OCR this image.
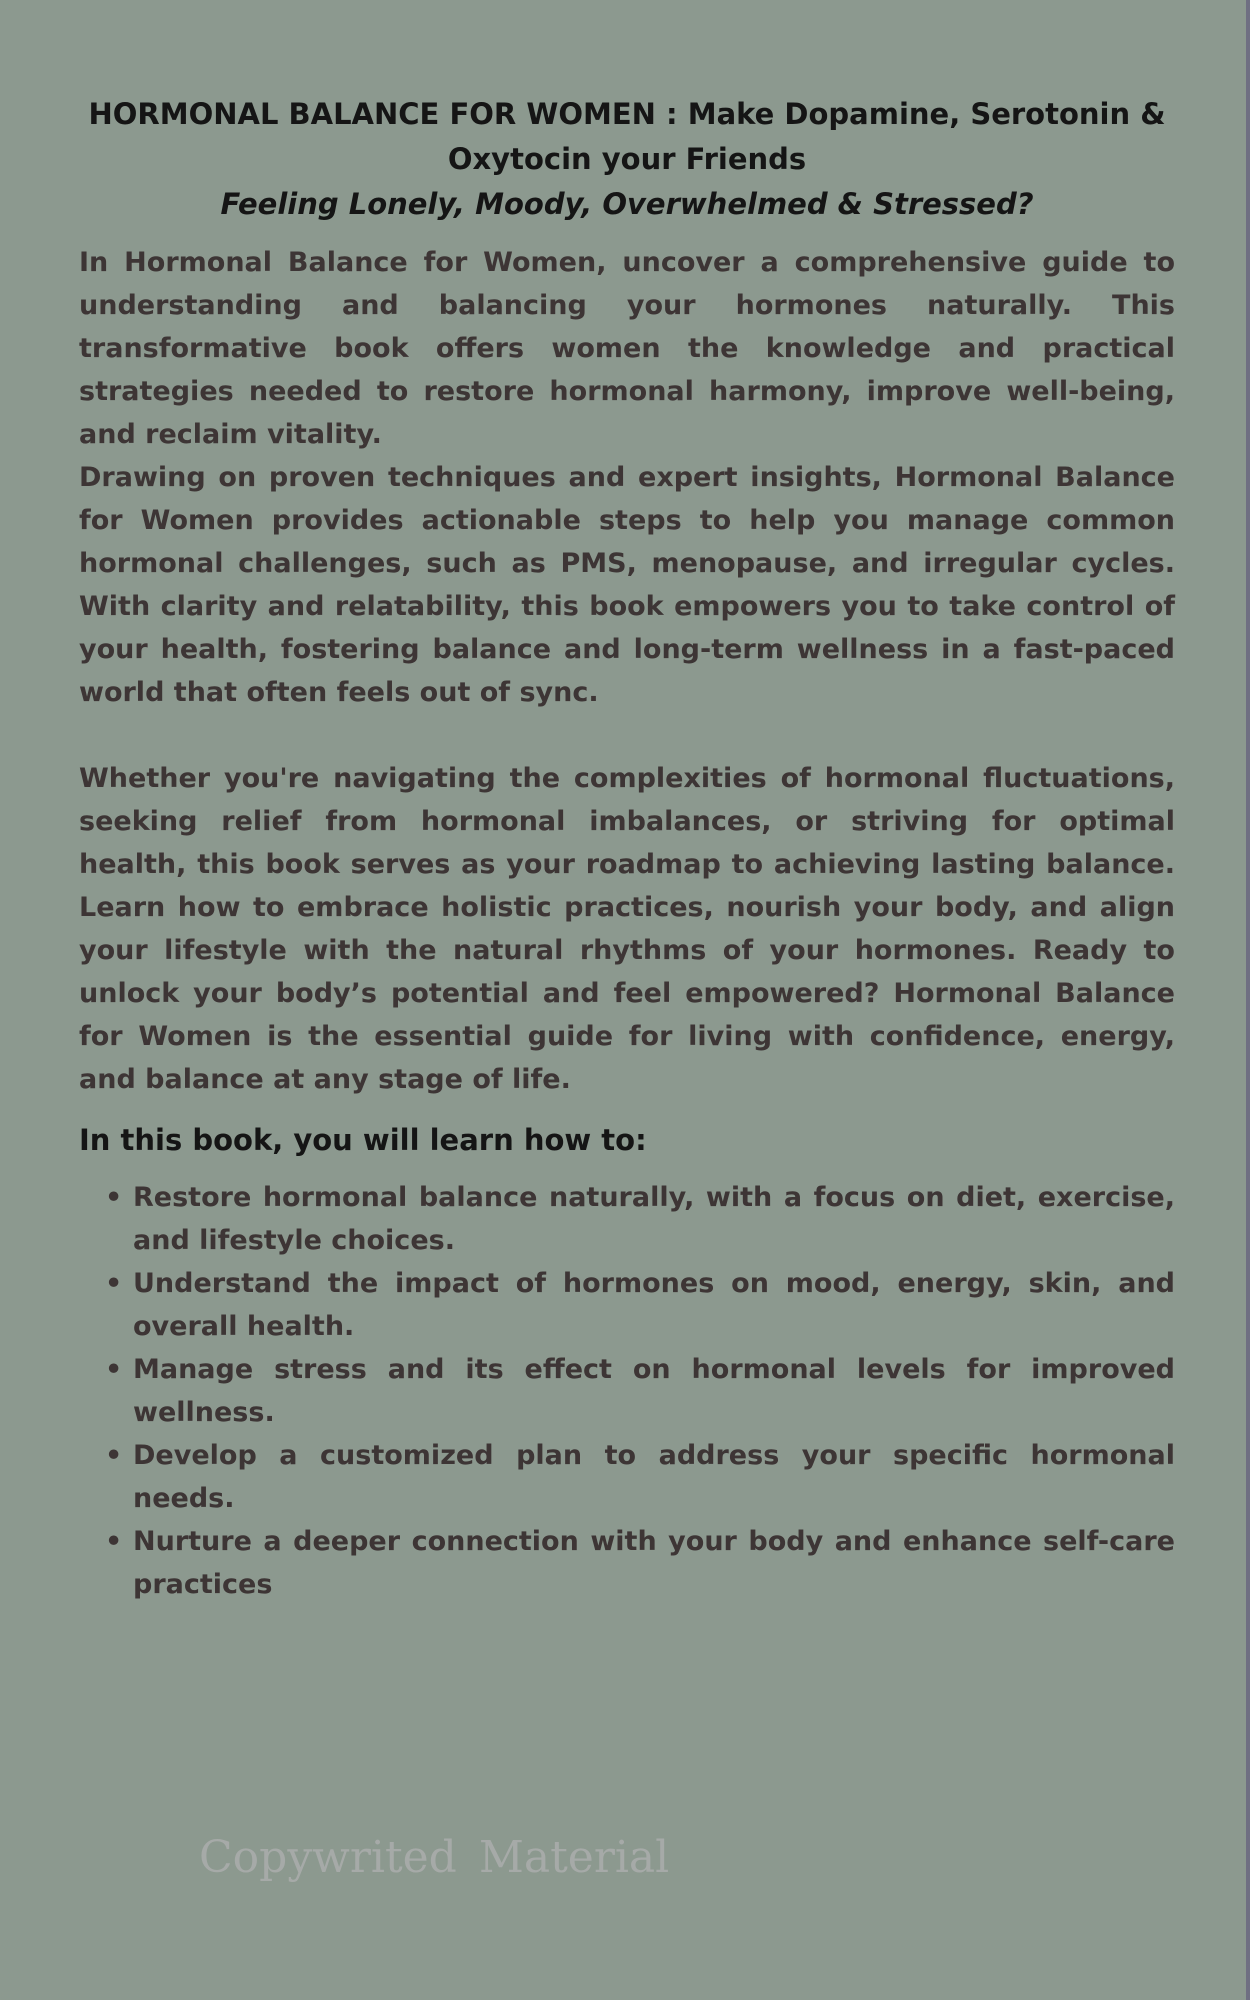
HORMONAL BALANCE FOR WOMEN : Make Dopamine, Serotonin & Oxytocin your Friends
Feeling Lonely, Moody, Overwhelmed & Stressed?

In Hormonal Balance for Women, uncover a comprehensive guide to understanding and balancing your hormones naturally. This transformative book offers women the knowledge and practical strategies needed to restore hormonal harmony, improve well-being, and reclaim vitality.

Drawing on proven techniques and expert insights, Hormonal Balance for Women provides actionable steps to help you manage common hormonal challenges, such as PMS, menopause, and irregular cycles. With clarity and relatability, this book empowers you to take control of your health, fostering balance and long-term wellness in a fast-paced world that often feels out of sync.

Whether you're navigating the complexities of hormonal fluctuations, seeking relief from hormonal imbalances, or striving for optimal health, this book serves as your roadmap to achieving lasting balance. Learn how to embrace holistic practices, nourish your body, and align your lifestyle with the natural rhythms of your hormones. Ready to unlock your body’s potential and feel empowered? Hormonal Balance for Women is the essential guide for living with confidence, energy, and balance at any stage of life.

In this book, you will learn how to:
• Restore hormonal balance naturally, with a focus on diet, exercise, and lifestyle choices.
• Understand the impact of hormones on mood, energy, skin, and overall health.
• Manage stress and its effect on hormonal levels for improved wellness.
• Develop a customized plan to address your specific hormonal needs.
• Nurture a deeper connection with your body and enhance self-care practices
Copywrited Material
